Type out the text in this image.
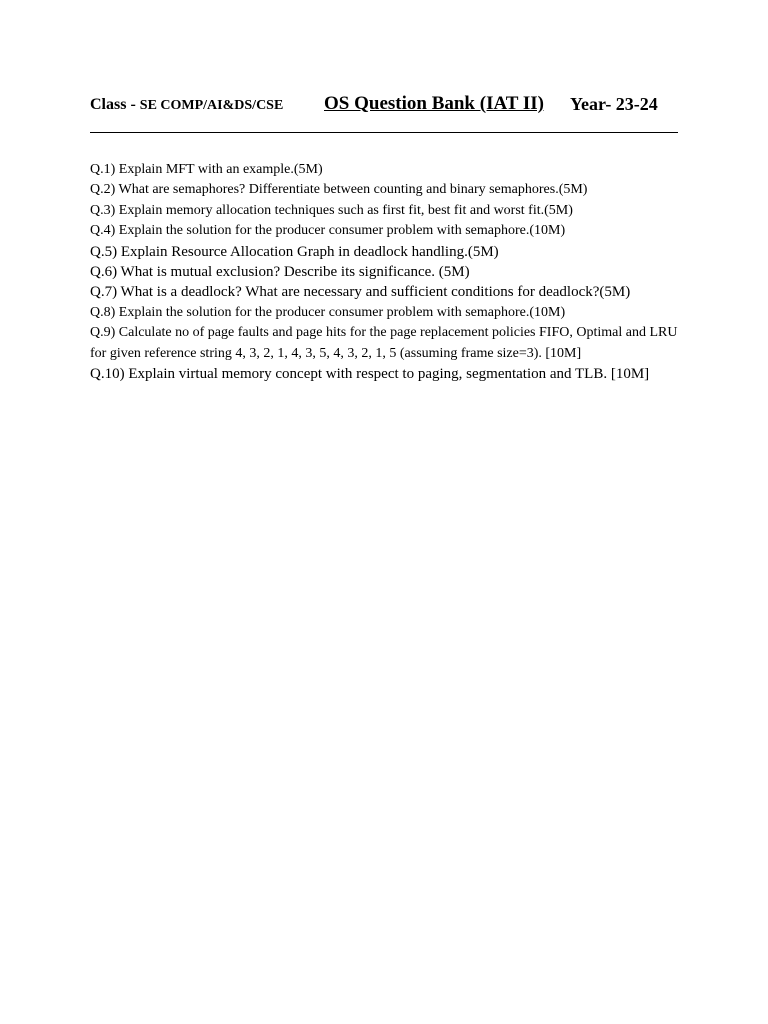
Class - SE COMP/AI&DS/CSE OS Question Bank (IAT II) Year- 23-24
Q.1) Explain MFT with an example.(5M)
Q.2) What are semaphores? Differentiate between counting and binary semaphores.(5M)
Q.3) Explain memory allocation techniques such as first fit, best fit and worst fit.(5M)
Q.4) Explain the solution for the producer consumer problem with semaphore.(10M)
Q.5) Explain Resource Allocation Graph in deadlock handling.(5M)
Q.6) What is mutual exclusion? Describe its significance. (5M)
Q.7) What is a deadlock? What are necessary and sufficient conditions for deadlock?(5M)
Q.8) Explain the solution for the producer consumer problem with semaphore.(10M)
Q.9) Calculate no of page faults and page hits for the page replacement policies FIFO, Optimal and LRU for given reference string 4, 3, 2, 1, 4, 3, 5, 4, 3, 2, 1, 5 (assuming frame size=3). [10M]
Q.10) Explain virtual memory concept with respect to paging, segmentation and TLB. [10M]
